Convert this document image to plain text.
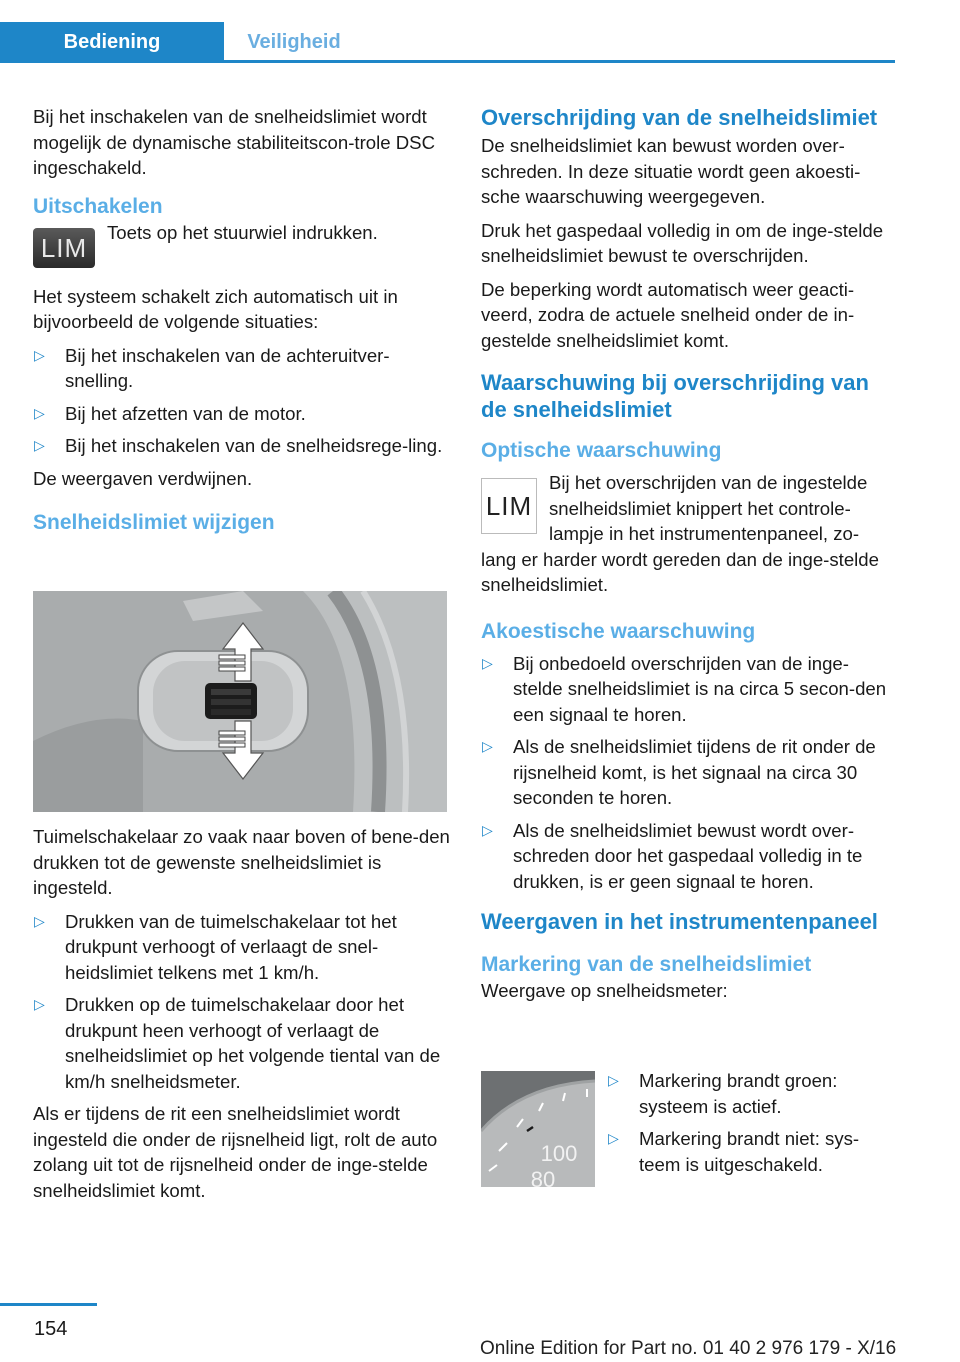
Bediening	Veiligheid

Bij het inschakelen van de snelheidslimiet wordt mogelijk de dynamische stabiliteitscon‐trole DSC ingeschakeld.

Uitschakelen
LIM
Toets op het stuurwiel indrukken.

Het systeem schakelt zich automatisch uit in bijvoorbeeld de volgende situaties:

▷ Bij het inschakelen van de achteruitver‐snelling.
▷ Bij het afzetten van de motor.
▷ Bij het inschakelen van de snelheidsrege‐ling.

De weergaven verdwijnen.

Snelheidslimiet wijzigen

Tuimelschakelaar zo vaak naar boven of bene‐den drukken tot de gewenste snelheidslimiet is ingesteld.

▷ Drukken van de tuimelschakelaar tot het drukpunt verhoogt of verlaagt de snel‐heidslimiet telkens met 1 km/h.
▷ Drukken op de tuimelschakelaar door het drukpunt heen verhoogt of verlaagt de snelheidslimiet op het volgende tiental van de km/h snelheidsmeter.

Als er tijdens de rit een snelheidslimiet wordt ingesteld die onder de rijsnelheid ligt, rolt de auto zolang uit tot de rijsnelheid onder de inge‐stelde snelheidslimiet komt.

Overschrijding van de snelheidslimiet

De snelheidslimiet kan bewust worden over‐schreden. In deze situatie wordt geen akoesti‐sche waarschuwing weergegeven.

Druk het gaspedaal volledig in om de inge‐stelde snelheidslimiet bewust te overschrijden.

De beperking wordt automatisch weer geacti‐veerd, zodra de actuele snelheid onder de in‐gestelde snelheidslimiet komt.

Waarschuwing bij overschrijding van de snelheidslimiet
Optische waarschuwing
LIM
Bij het overschrijden van de ingestelde snelheidslimiet knippert het controle‐lampje in het instrumentenpaneel, zo‐

lang er harder wordt gereden dan de inge‐stelde snelheidslimiet.

Akoestische waarschuwing
▷ Bij onbedoeld overschrijden van de inge‐stelde snelheidslimiet is na circa 5 secon‐den een signaal te horen.
▷ Als de snelheidslimiet tijdens de rit onder de rijsnelheid komt, is het signaal na circa 30 seconden te horen.
▷ Als de snelheidslimiet bewust wordt over‐schreden door het gaspedaal volledig in te drukken, is er geen signaal te horen.
Weergaven in het instrumentenpaneel
Markering van de snelheidslimiet

Weergave op snelheidsmeter:

100
80
▷ Markering brandt groen: systeem is actief.
▷ Markering brandt niet: sys‐teem is uitgeschakeld.
154
Online Edition for Part no. 01 40 2 976 179 - X/16
